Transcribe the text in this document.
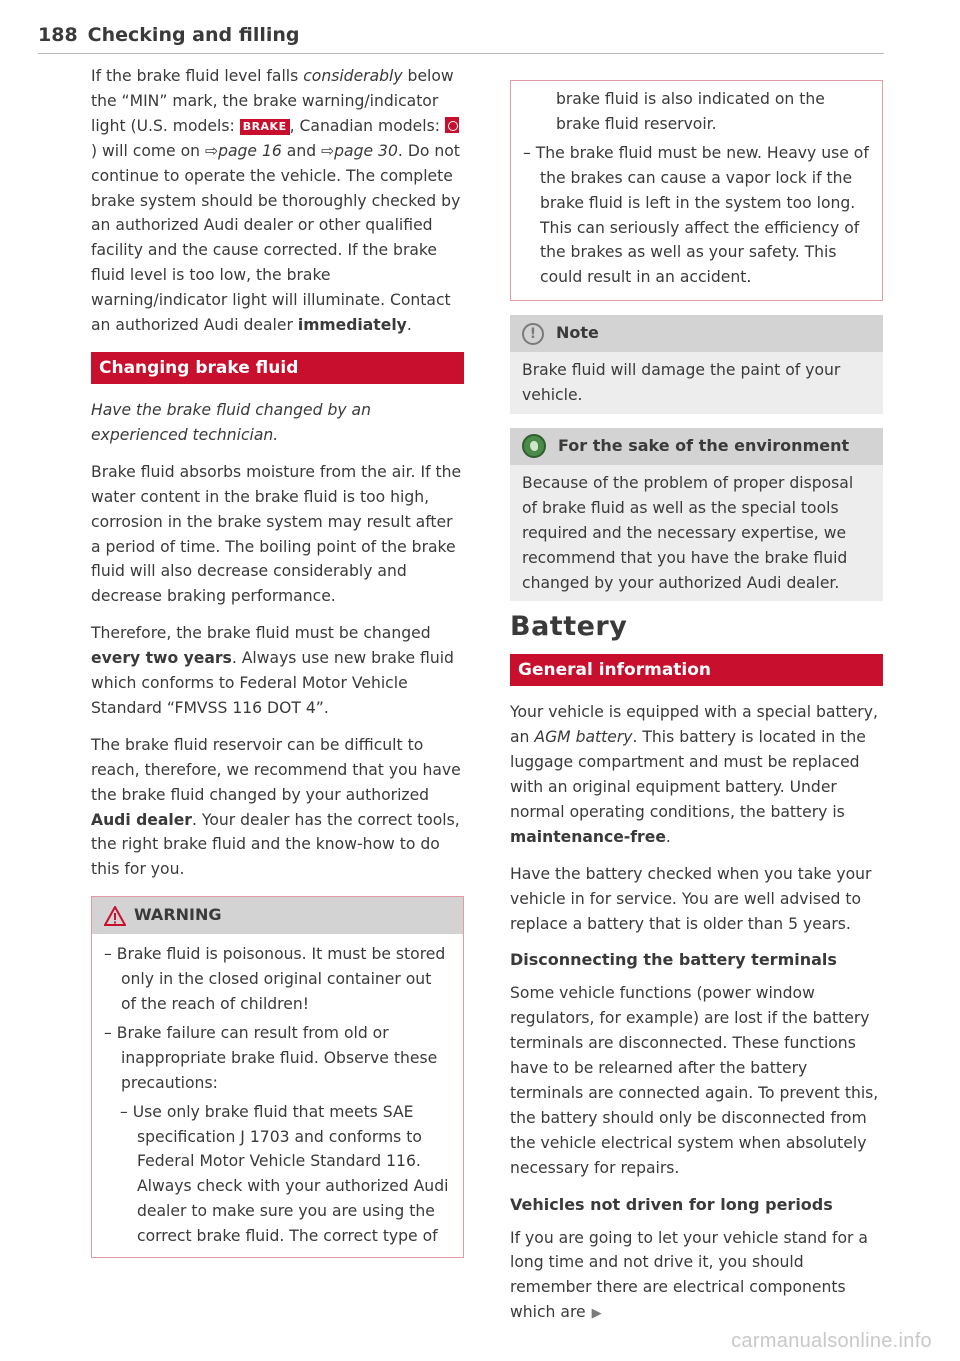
188 Checking and filling

If the brake fluid level falls considerably below the “MIN” mark, the brake warning/indicator light (U.S. models: BRAKE , Canadian models: ) will come on ⇨page 16 and ⇨page 30. Do not continue to operate the vehicle. The complete brake system should be thoroughly checked by an authorized Audi dealer or other qualified facility and the cause corrected. If the brake fluid level is too low, the brake warning/indicator light will illuminate. Contact an authorized Audi dealer immediately.

Changing brake fluid

Have the brake fluid changed by an experienced technician.

Brake fluid absorbs moisture from the air. If the water content in the brake fluid is too high, corrosion in the brake system may result after a period of time. The boiling point of the brake fluid will also decrease considerably and decrease braking performance.

Therefore, the brake fluid must be changed every two years. Always use new brake fluid which conforms to Federal Motor Vehicle Standard “FMVSS 116 DOT 4”.

The brake fluid reservoir can be difficult to reach, therefore, we recommend that you have the brake fluid changed by your authorized Audi dealer. Your dealer has the correct tools, the right brake fluid and the know-how to do this for you.

WARNING
– Brake fluid is poisonous. It must be stored only in the closed original container out of the reach of children!
– Brake failure can result from old or inappropriate brake fluid. Observe these precautions:
– Use only brake fluid that meets SAE specification J 1703 and conforms to Federal Motor Vehicle Standard 116. Always check with your authorized Audi dealer to make sure you are using the correct brake fluid. The correct type of
brake fluid is also indicated on the brake fluid reservoir.
– The brake fluid must be new. Heavy use of the brakes can cause a vapor lock if the brake fluid is left in the system too long. This can seriously affect the efficiency of the brakes as well as your safety. This could result in an accident.
!	Note
Brake fluid will damage the paint of your vehicle.
For the sake of the environment
Because of the problem of proper disposal of brake fluid as well as the special tools required and the necessary expertise, we recommend that you have the brake fluid changed by your authorized Audi dealer.
Battery
General information

Your vehicle is equipped with a special battery, an AGM battery. This battery is located in the luggage compartment and must be replaced with an original equipment battery. Under normal operating conditions, the battery is maintenance-free.

Have the battery checked when you take your vehicle in for service. You are well advised to replace a battery that is older than 5 years.

Disconnecting the battery terminals

Some vehicle functions (power window regulators, for example) are lost if the battery terminals are disconnected. These functions have to be relearned after the battery terminals are connected again. To prevent this, the battery should only be disconnected from the vehicle electrical system when absolutely necessary for repairs.

Vehicles not driven for long periods

If you are going to let your vehicle stand for a long time and not drive it, you should remember there are electrical components which are ▶

carmanualsonline.info
